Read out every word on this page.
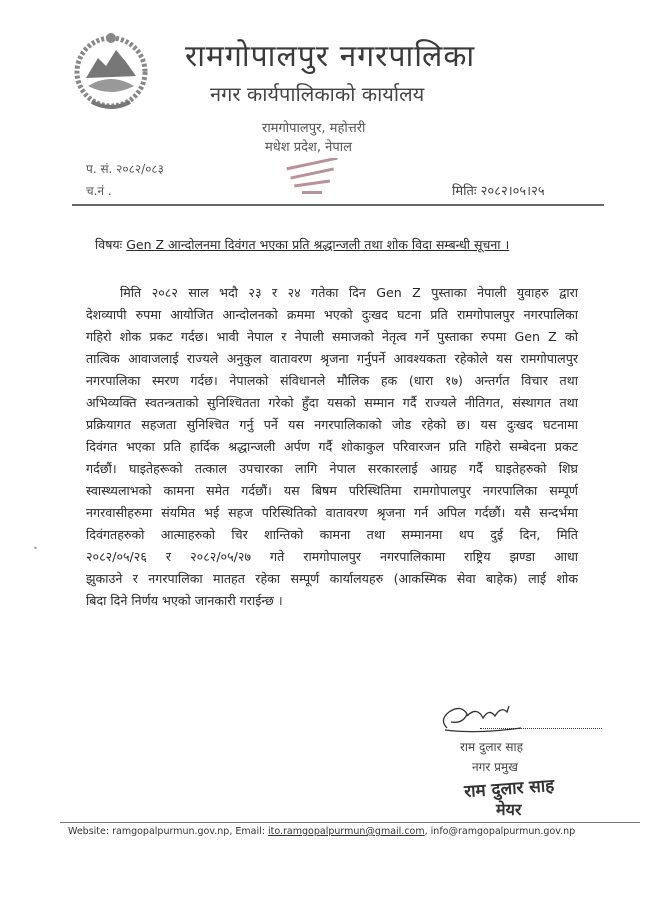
रामगोपालपुर नगरपालिका
नगर कार्यपालिकाको कार्यालय
रामगोपालपुर, महोत्तरी
मधेश प्रदेश, नेपाल
प. सं. २०८२/०८३
च.नं .	मितिः २०८२।०५।२५
विषयः Gen Z आन्दोलनमा दिवंगत भएका प्रति श्रद्धान्जली तथा शोक विदा सम्बन्धी सूचना ।
मिति २०८२ साल भदौ २३ र २४ गतेका दिन Gen Z पुस्ताका नेपाली युवाहरु द्वारा
देशव्यापी रुपमा आयोजित आन्दोलनको क्रममा भएको दुःखद घटना प्रति रामगोपालपुर नगरपालिका
गहिरो शोक प्रकट गर्दछ। भावी नेपाल र नेपाली समाजको नेतृत्व गर्ने पुस्ताका रुपमा Gen Z को
तात्विक आवाजलाई राज्यले अनुकुल वातावरण श्रृजना गर्नुपर्ने आवश्यकता रहेकोले यस रामगोपालपुर
नगरपालिका स्मरण गर्दछ। नेपालको संविधानले मौलिक हक (धारा १७) अन्तर्गत विचार तथा
अभिव्यक्ति स्वतन्त्रताको सुनिश्चितता गरेको हुँदा यसको सम्मान गर्दै राज्यले नीतिगत, संस्थागत तथा
प्रक्रियागत सहजता सुनिश्चित गर्नु पर्ने यस नगरपालिकाको जोड रहेको छ। यस दुःखद घटनामा
दिवंगत भएका प्रति हार्दिक श्रद्धान्जली अर्पण गर्दै शोकाकुल परिवारजन प्रति गहिरो सम्बेदना प्रकट
गर्दछौं। घाइतेहरूको तत्काल उपचारका लागि नेपाल सरकारलाई आग्रह गर्दै घाइतेहरुको शिघ्र
स्वास्थ्यलाभको कामना समेत गर्दछौं। यस बिषम परिस्थितिमा रामगोपालपुर नगरपालिका सम्पूर्ण
नगरवासीहरुमा संयमित भई सहज परिस्थितिको वातावरण श्रृजना गर्न अपिल गर्दछौं। यसै सन्दर्भमा
दिवंगतहरुको आत्माहरुको चिर शान्तिको कामना तथा सम्मानमा थप दुई दिन, मिति
२०८२/०५/२६ र २०८२/०५/२७ गते रामगोपालपुर नगरपालिकामा राष्ट्रिय झण्डा आधा
झुकाउने र नगरपालिका मातहत रहेका सम्पूर्ण कार्यालयहरु (आकस्मिक सेवा बाहेक) लाई शोक
बिदा दिने निर्णय भएको जानकारी गराईन्छ ।
•
राम दुलार साह
नगर प्रमुख
राम दुलार साह
मेयर
Website: ramgopalpurmun.gov.np, Email: ito.ramgopalpurmun@gmail.com, info@ramgopalpurmun.gov.np
